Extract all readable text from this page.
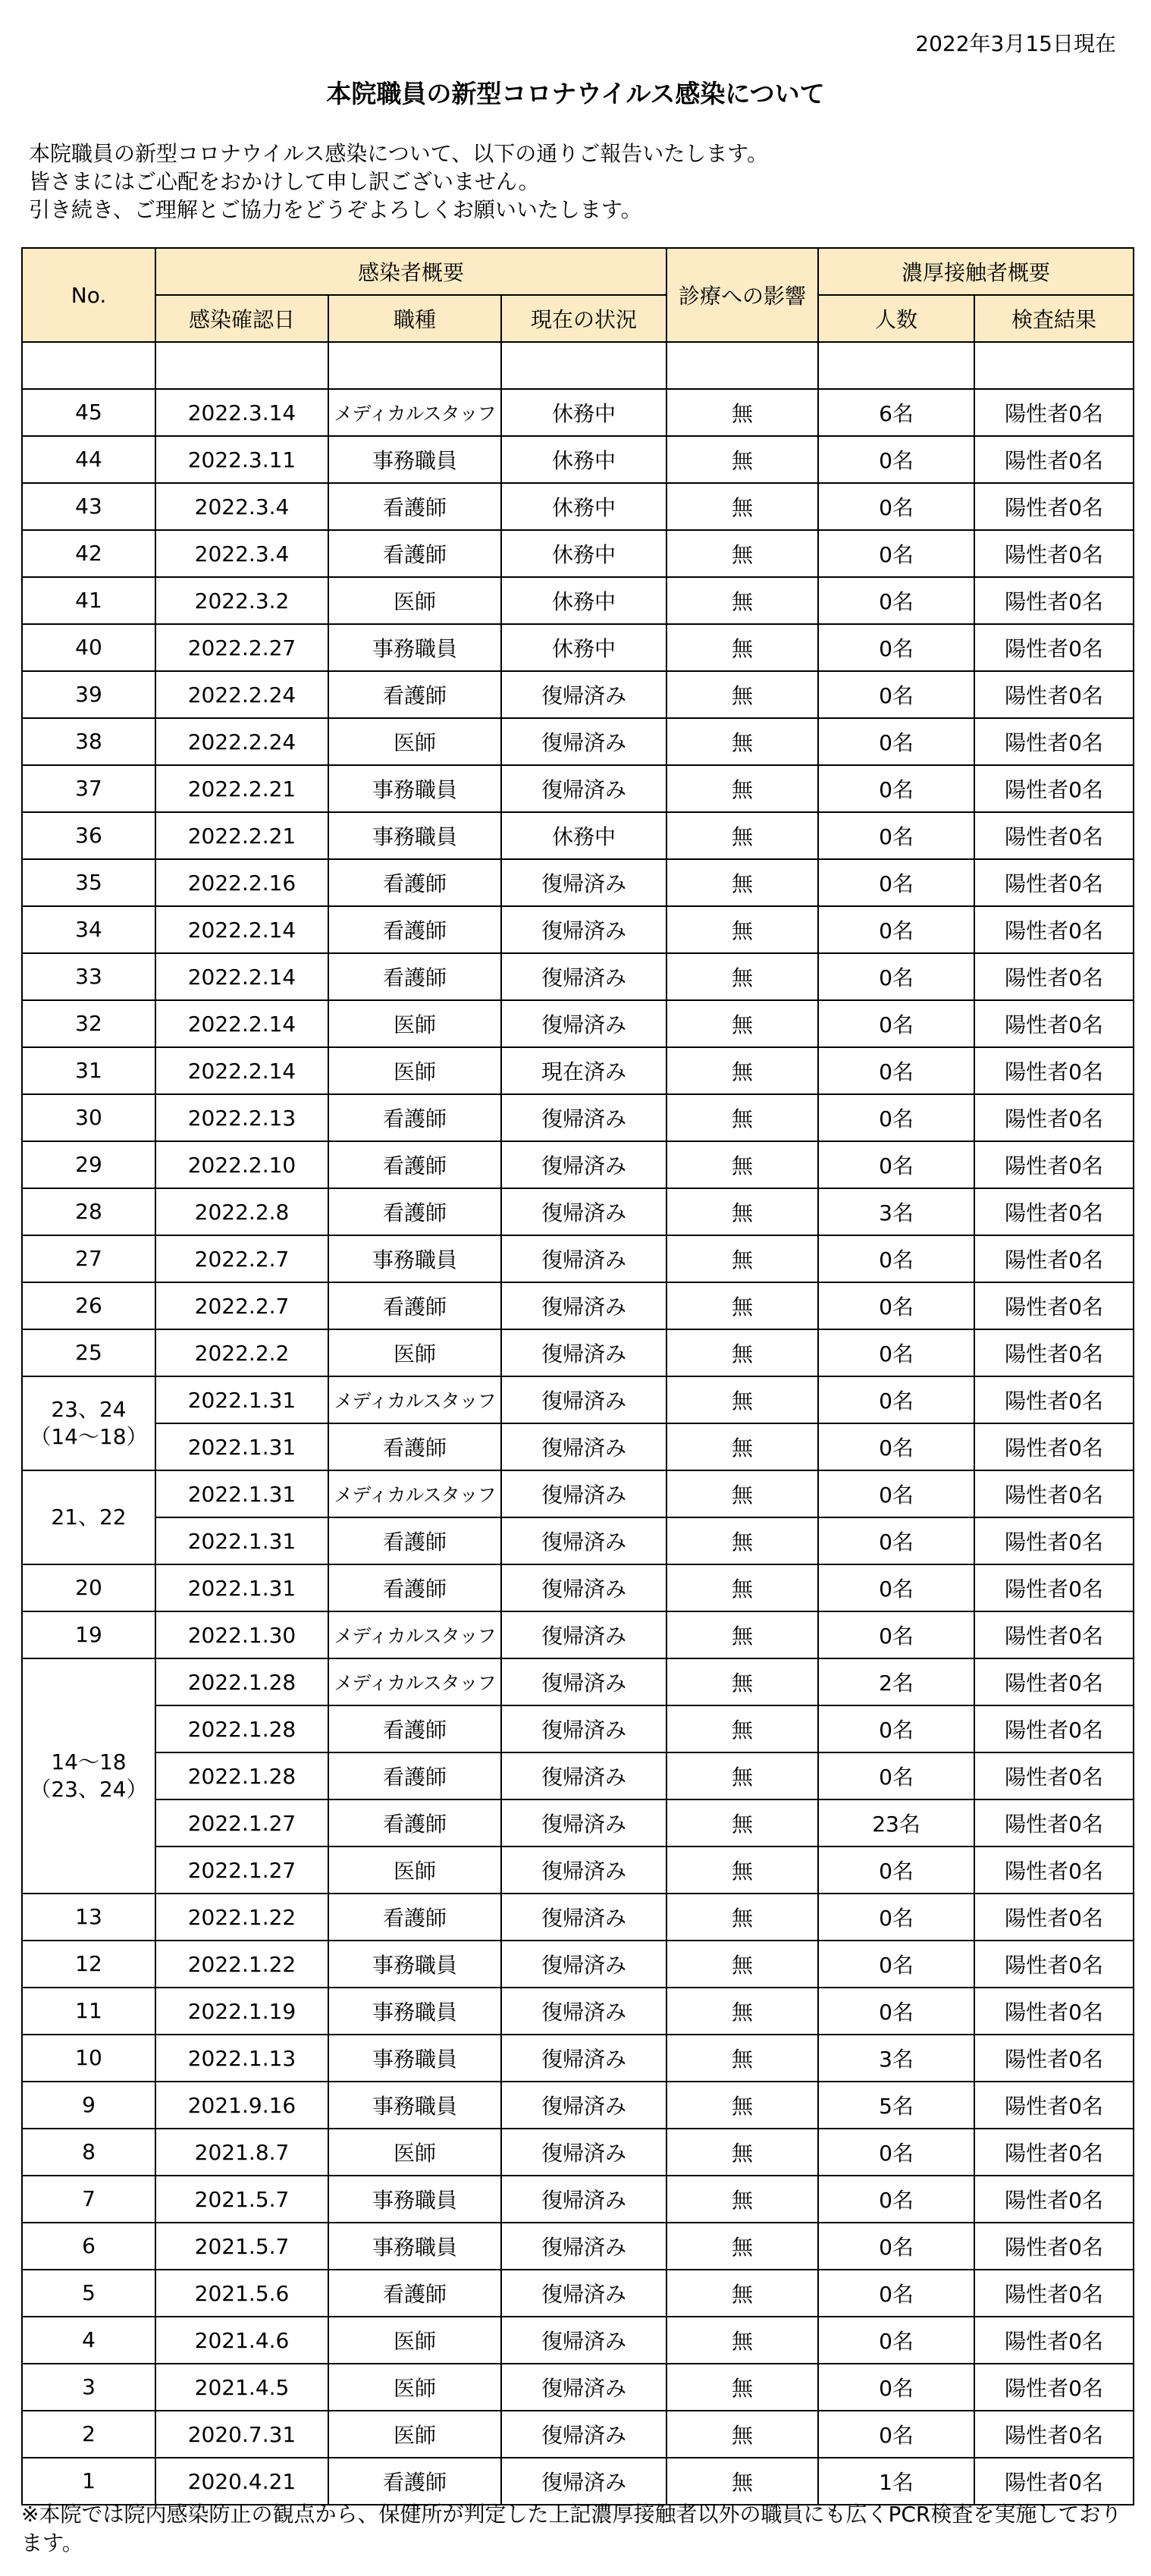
2022年3月15日現在
本院職員の新型コロナウイルス感染について
本院職員の新型コロナウイルス感染について、以下の通りご報告いたします。
皆さまにはご心配をおかけして申し訳ございません。
引き続き、ご理解とご協力をどうぞよろしくお願いいたします。
No.	感染者概要			診療への影響	濃厚接触者概要	
	感染確認日	職種	現在の状況		人数	検査結果

45	2022.3.14	メディカルスタッフ	休務中	無	6名	陽性者0名
44	2022.3.11	事務職員	休務中	無	0名	陽性者0名
43	2022.3.4	看護師	休務中	無	0名	陽性者0名
42	2022.3.4	看護師	休務中	無	0名	陽性者0名
41	2022.3.2	医師	休務中	無	0名	陽性者0名
40	2022.2.27	事務職員	休務中	無	0名	陽性者0名
39	2022.2.24	看護師	復帰済み	無	0名	陽性者0名
38	2022.2.24	医師	復帰済み	無	0名	陽性者0名
37	2022.2.21	事務職員	復帰済み	無	0名	陽性者0名
36	2022.2.21	事務職員	休務中	無	0名	陽性者0名
35	2022.2.16	看護師	復帰済み	無	0名	陽性者0名
34	2022.2.14	看護師	復帰済み	無	0名	陽性者0名
33	2022.2.14	看護師	復帰済み	無	0名	陽性者0名
32	2022.2.14	医師	復帰済み	無	0名	陽性者0名
31	2022.2.14	医師	現在済み	無	0名	陽性者0名
30	2022.2.13	看護師	復帰済み	無	0名	陽性者0名
29	2022.2.10	看護師	復帰済み	無	0名	陽性者0名
28	2022.2.8	看護師	復帰済み	無	3名	陽性者0名
27	2022.2.7	事務職員	復帰済み	無	0名	陽性者0名
26	2022.2.7	看護師	復帰済み	無	0名	陽性者0名
25	2022.2.2	医師	復帰済み	無	0名	陽性者0名
23、24
（14～18）	2022.1.31	メディカルスタッフ	復帰済み	無	0名	陽性者0名
	2022.1.31	看護師	復帰済み	無	0名	陽性者0名
21、22	2022.1.31	メディカルスタッフ	復帰済み	無	0名	陽性者0名
	2022.1.31	看護師	復帰済み	無	0名	陽性者0名
20	2022.1.31	看護師	復帰済み	無	0名	陽性者0名
19	2022.1.30	メディカルスタッフ	復帰済み	無	0名	陽性者0名
14～18
（23、24）	2022.1.28	メディカルスタッフ	復帰済み	無	2名	陽性者0名
	2022.1.28	看護師	復帰済み	無	0名	陽性者0名
	2022.1.28	看護師	復帰済み	無	0名	陽性者0名
	2022.1.27	看護師	復帰済み	無	23名	陽性者0名
	2022.1.27	医師	復帰済み	無	0名	陽性者0名
13	2022.1.22	看護師	復帰済み	無	0名	陽性者0名
12	2022.1.22	事務職員	復帰済み	無	0名	陽性者0名
11	2022.1.19	事務職員	復帰済み	無	0名	陽性者0名
10	2022.1.13	事務職員	復帰済み	無	3名	陽性者0名
9	2021.9.16	事務職員	復帰済み	無	5名	陽性者0名
8	2021.8.7	医師	復帰済み	無	0名	陽性者0名
7	2021.5.7	事務職員	復帰済み	無	0名	陽性者0名
6	2021.5.7	事務職員	復帰済み	無	0名	陽性者0名
5	2021.5.6	看護師	復帰済み	無	0名	陽性者0名
4	2021.4.6	医師	復帰済み	無	0名	陽性者0名
3	2021.4.5	医師	復帰済み	無	0名	陽性者0名
2	2020.7.31	医師	復帰済み	無	0名	陽性者0名
1	2020.4.21	看護師	復帰済み	無	1名	陽性者0名
※本院では院内感染防止の観点から、保健所が判定した上記濃厚接触者以外の職員にも広くPCR検査を実施しております。
